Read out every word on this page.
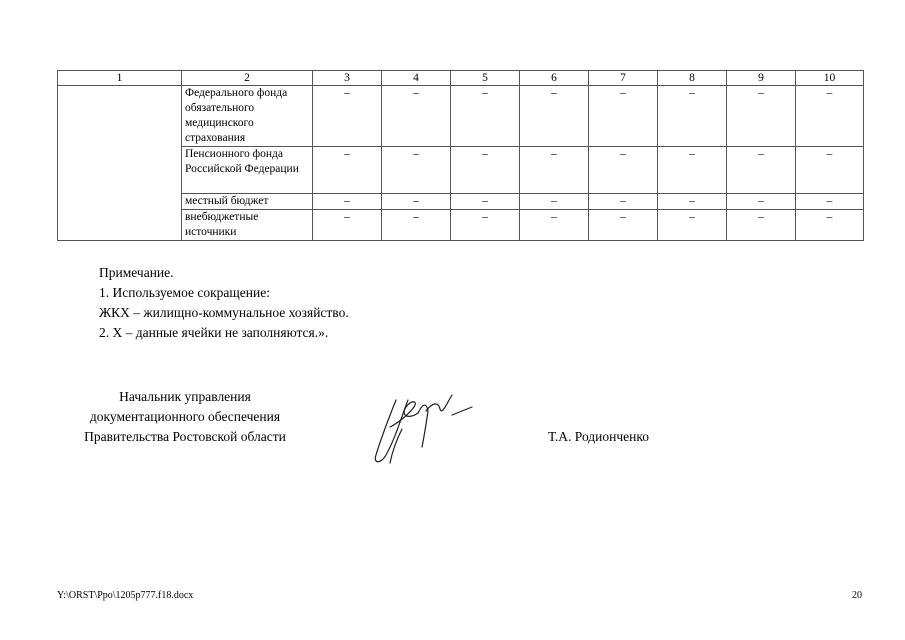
1	2	3	4	5	6	7	8	9	10
	Федерального фонда обязательного медицинского страхования	–	–	–	–	–	–	–	–
	Пенсионного фонда Российской Федерации	–	–	–	–	–	–	–	–
	местный бюджет	–	–	–	–	–	–	–	–
	внебюджетные источники	–	–	–	–	–	–	–	–
Примечание.
1. Используемое сокращение:
ЖКХ – жилищно-коммунальное хозяйство.
2. Х – данные ячейки не заполняются.».
Начальник управления
документационного обеспечения
Правительства Ростовской области	Т.А. Родионченко
Y:\ORST\Ppo\1205p777.f18.docx	20
